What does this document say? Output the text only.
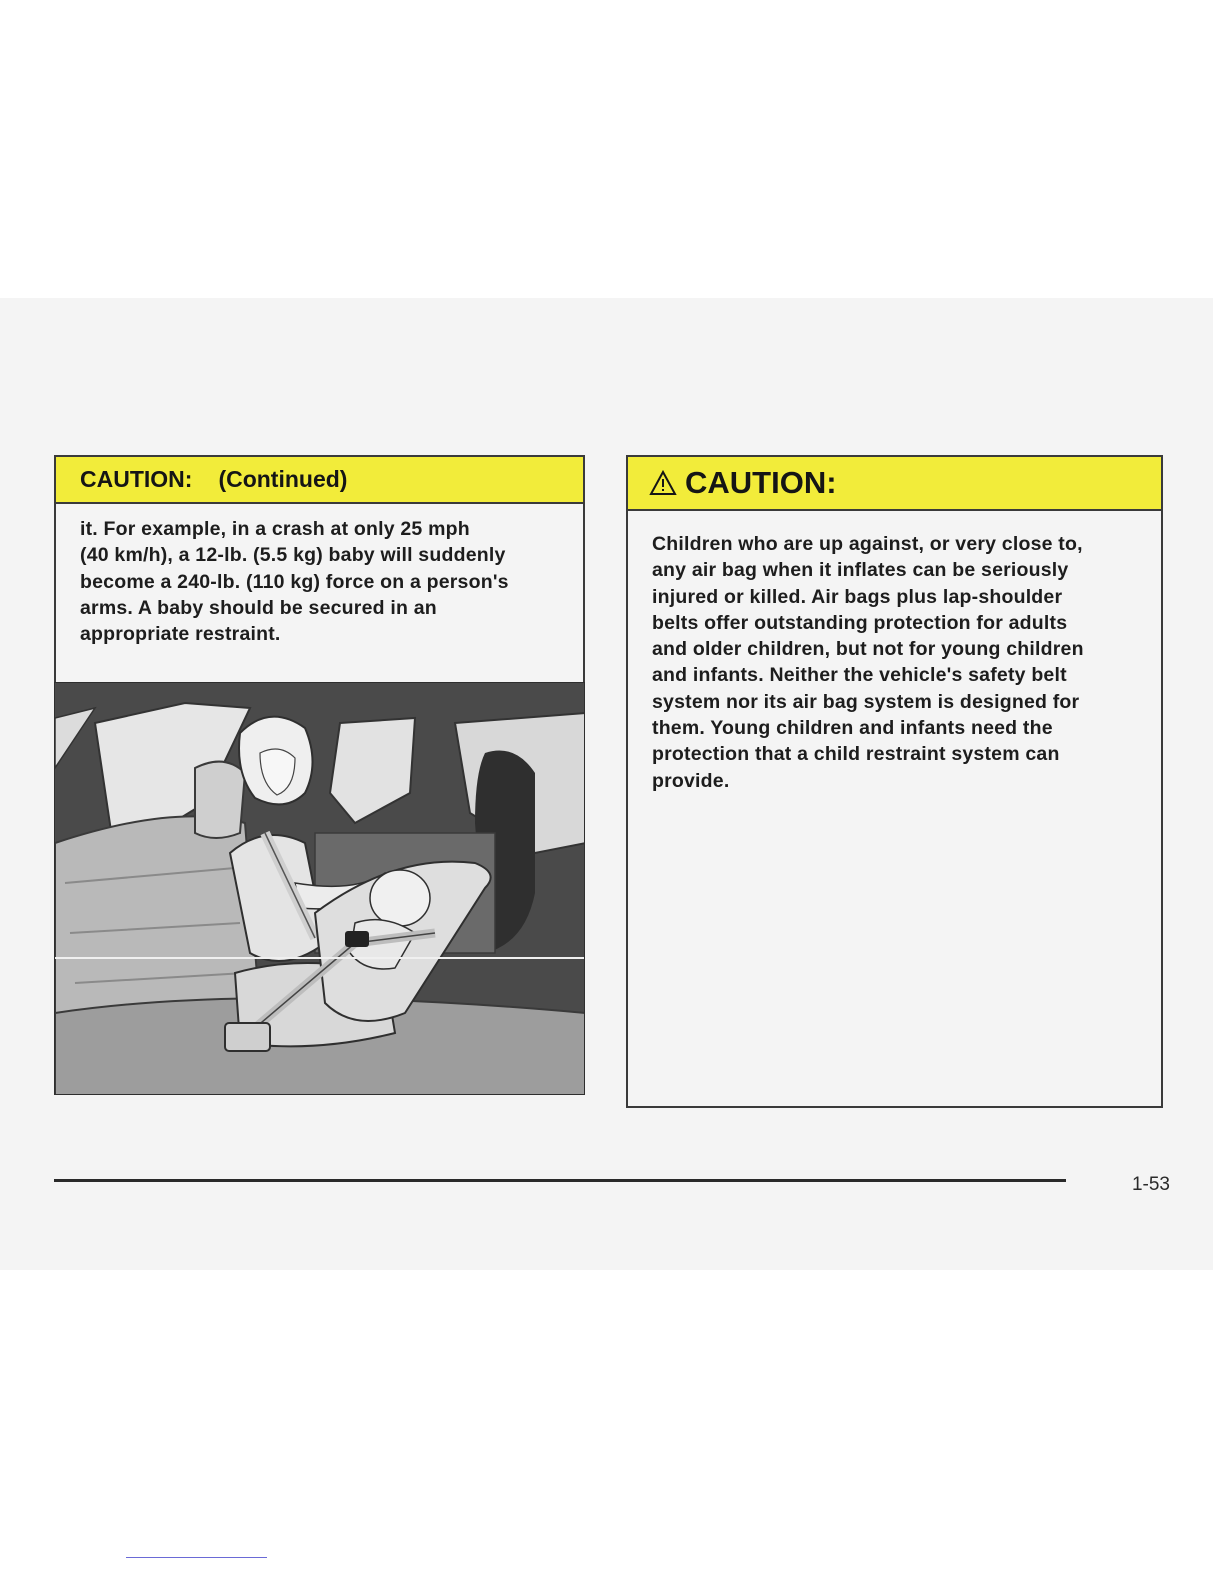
CAUTION: (Continued)
it. For example, in a crash at only 25 mph
(40 km/h), a 12-lb. (5.5 kg) baby will suddenly
become a 240-lb. (110 kg) force on a person's
arms. A baby should be secured in an
appropriate restraint.
CAUTION:
Children who are up against, or very close to,
any air bag when it inflates can be seriously
injured or killed. Air bags plus lap-shoulder
belts offer outstanding protection for adults
and older children, but not for young children
and infants. Neither the vehicle's safety belt
system nor its air bag system is designed for
them. Young children and infants need the
protection that a child restraint system can
provide.
1-53
